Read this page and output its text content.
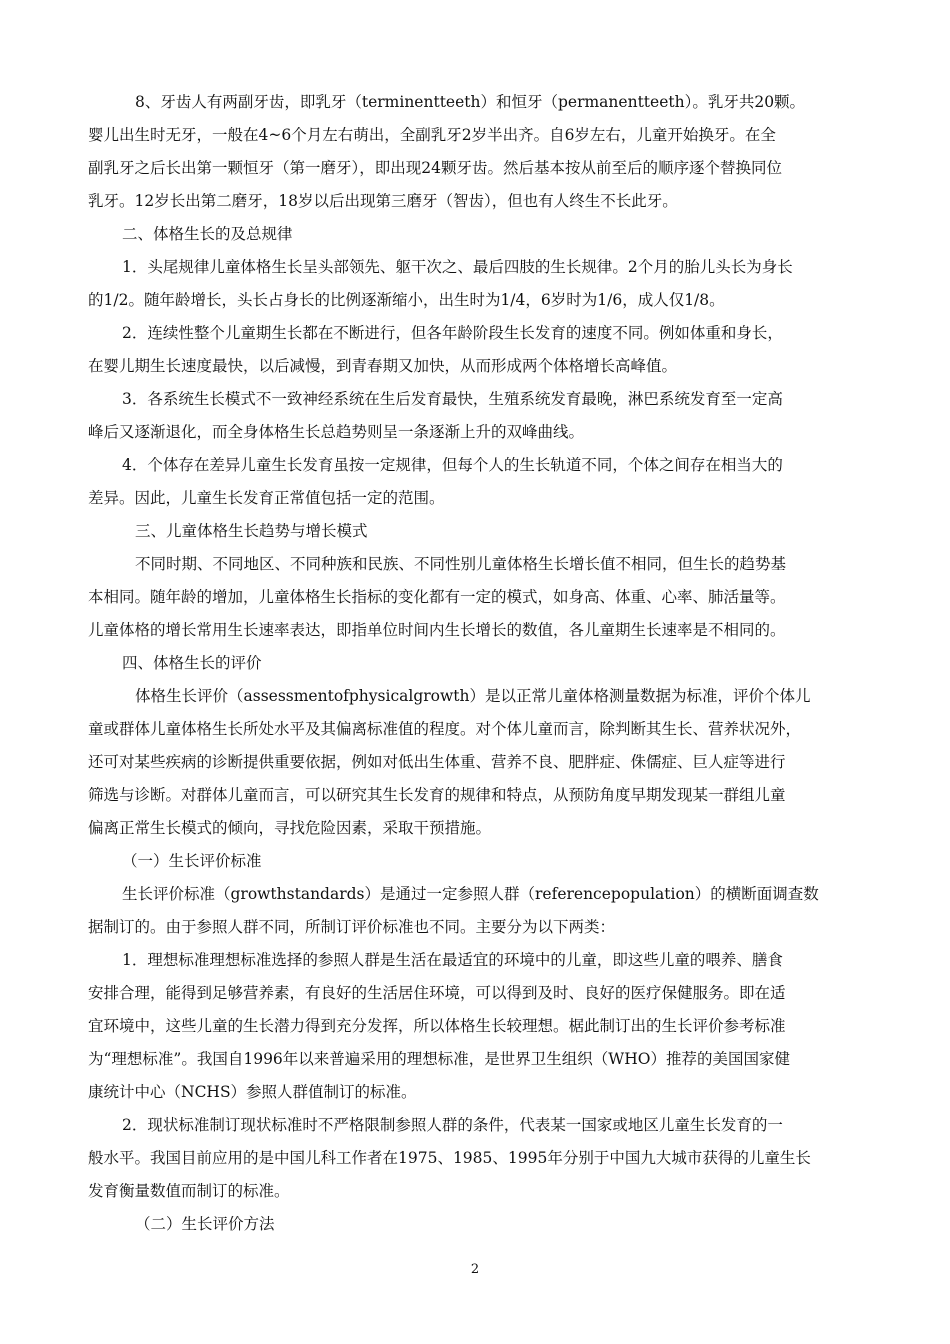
8、牙齿人有两副牙齿，即乳牙（terminentteeth）和恒牙（permanentteeth）。乳牙共20颗。
婴儿出生时无牙，一般在4~6个月左右萌出，全副乳牙2岁半出齐。自6岁左右，儿童开始换牙。在全
副乳牙之后长出第一颗恒牙（第一磨牙），即出现24颗牙齿。然后基本按从前至后的顺序逐个替换同位
乳牙。12岁长出第二磨牙，18岁以后出现第三磨牙（智齿），但也有人终生不长此牙。
二、体格生长的及总规律
1．头尾规律儿童体格生长呈头部领先、躯干次之、最后四肢的生长规律。2个月的胎儿头长为身长
的1/2。随年龄增长，头长占身长的比例逐渐缩小，出生时为1/4，6岁时为1/6，成人仅1/8。
2．连续性整个儿童期生长都在不断进行，但各年龄阶段生长发育的速度不同。例如体重和身长，
在婴儿期生长速度最快，以后减慢，到青春期又加快，从而形成两个体格增长高峰值。
3．各系统生长模式不一致神经系统在生后发育最快，生殖系统发育最晚，淋巴系统发育至一定高
峰后又逐渐退化，而全身体格生长总趋势则呈一条逐渐上升的双峰曲线。
4．个体存在差异儿童生长发育虽按一定规律，但每个人的生长轨道不同，个体之间存在相当大的
差异。因此，儿童生长发育正常值包括一定的范围。
三、儿童体格生长趋势与增长模式
不同时期、不同地区、不同种族和民族、不同性别儿童体格生长增长值不相同，但生长的趋势基
本相同。随年龄的增加，儿童体格生长指标的变化都有一定的模式，如身高、体重、心率、肺活量等。
儿童体格的增长常用生长速率表达，即指单位时间内生长增长的数值，各儿童期生长速率是不相同的。
四、体格生长的评价
体格生长评价（assessmentofphysicalgrowth）是以正常儿童体格测量数据为标准，评价个体儿
童或群体儿童体格生长所处水平及其偏离标准值的程度。对个体儿童而言，除判断其生长、营养状况外，
还可对某些疾病的诊断提供重要依据，例如对低出生体重、营养不良、肥胖症、侏儒症、巨人症等进行
筛选与诊断。对群体儿童而言，可以研究其生长发育的规律和特点，从预防角度早期发现某一群组儿童
偏离正常生长模式的倾向，寻找危险因素，采取干预措施。
（一）生长评价标准
生长评价标准（growthstandards）是通过一定参照人群（referencepopulation）的横断面调查数
据制订的。由于参照人群不同，所制订评价标准也不同。主要分为以下两类：
1．理想标准理想标准选择的参照人群是生活在最适宜的环境中的儿童，即这些儿童的喂养、膳食
安排合理，能得到足够营养素，有良好的生活居住环境，可以得到及时、良好的医疗保健服务。即在适
宜环境中，这些儿童的生长潜力得到充分发挥，所以体格生长较理想。椐此制订出的生长评价参考标准
为“理想标准”。我国自1996年以来普遍采用的理想标准，是世界卫生组织（WHO）推荐的美国国家健
康统计中心（NCHS）参照人群值制订的标准。
2．现状标准制订现状标准时不严格限制参照人群的条件，代表某一国家或地区儿童生长发育的一
般水平。我国目前应用的是中国儿科工作者在1975、1985、1995年分别于中国九大城市获得的儿童生长
发育衡量数值而制订的标准。
（二）生长评价方法
2
